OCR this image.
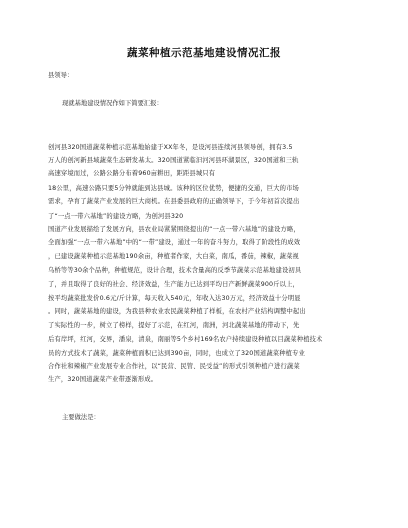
蔬菜种植示范基地建设情况汇报
县领导：
现就基地建设情况作如下简要汇报：
创河县320国道蔬菜种植示范基地始建于XX年冬，是设河县连续河县领导创，拥有3.5
万人的创河新县域蔬菜生态研发基太。320国道紧临汩河河县环湖景区，320国道和三轨
高速穿境而过，公路公路分布着960亩耕田，距距县城只有
18公里，高速公路只要5分钟就能到达县城。该种的区位优势，便捷的交通，巨大的市场
需求，孕育了蔬菜产业发展的巨大商机。在县委县政府的正确领导下，于今年初首次提出
了“一点一带六基地”的建设方略，为创河县320
国道产业发展描绘了发展方向，县农业局紧紧围绕提出的“一点一带六基地”的建设方略，
全面加强“一点一带六基地”中的“一带”建设，通过一年的奋斗努力，取得了阶段性的成效
，已建设蔬菜种植示范基地190余亩，种植者作家，大白菜，南瓜，番茄，辣椒，蔬菜视
乌桥等等30余个品种，种植规范，设计合理，技术含量高的反季节蔬菜示范基地建设初具
了，并且取得了良好的社会、经济效益，生产能力已达到平均日产新鲜蔬菜900斤以上，
按平均蔬菜批发价0.6元/斤计算，每天收入540元，年收入达30万元，经济效益十分明显
。同时，蔬菜基地的建设，为我县种农业农民蔬菜种植了样板，在农村产业结构调整中起出
了实际性的一步，树立了榜样，提好了示范，在红河，南洲，河北蔬菜基地的带动下，先
后有岸坪，红河，交界，潘泉，清泉，南丽等5个乡村169名农户持续建设种植以目蔬菜种植技术
员的方式技术了蔬菜，蔬菜种植面积已达到390亩，同时，也成立了320国道蔬菜种植专业
合作社和辣椒产业发展专业合作社，以“民营、民管、民受益”的形式引领种植户进行蔬菜
生产，320国道蔬菜产业带逐渐形成。
主要做法是：
